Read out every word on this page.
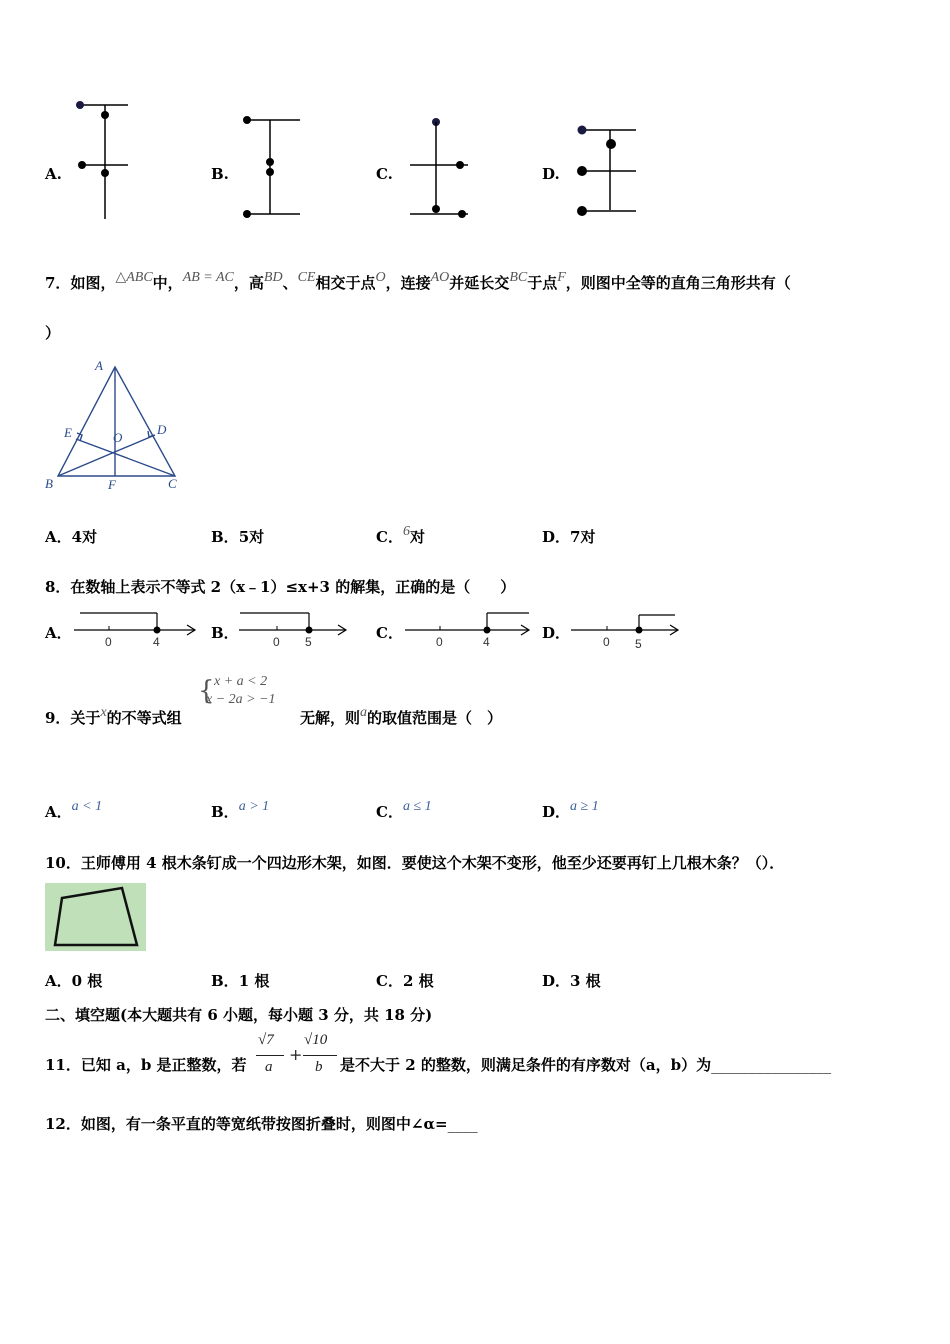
A.	B.	C.	D.
7．如图，△ABC中，AB = AC，高BD、CE相交于点O，连接AO并延长交BC于点F，则图中全等的直角三角形共有（
）
A
B	C
D
E
F
O
A．4对	B．5对	C．6对	D．7对
8．在数轴上表示不等式 2（x﹣1）≤x+3 的解集，正确的是（　　）
A．	0	4	B．	0 5	C．	0	4	D．	0 5
9．关于x的不等式组
{ x + a < 2
x − 2a > −1
无解，则a的取值范围是（　）
A．a < 1	B．a > 1	C．a ≤ 1	D．a ≥ 1
10．王师傅用 4 根木条钉成一个四边形木架，如图．要使这个木架不变形，他至少还要再钉上几根木条？（）．
A．0 根	B．1 根	C．2 根	D．3 根
二、填空题(本大题共有 6 小题，每小题 3 分，共 18 分)
11．已知 a，b 是正整数，若
√7
a
+
√10
b 是不大于 2 的整数，则满足条件的有序数对（a，b）为________________
12．如图，有一条平直的等宽纸带按图折叠时，则图中∠α=____
